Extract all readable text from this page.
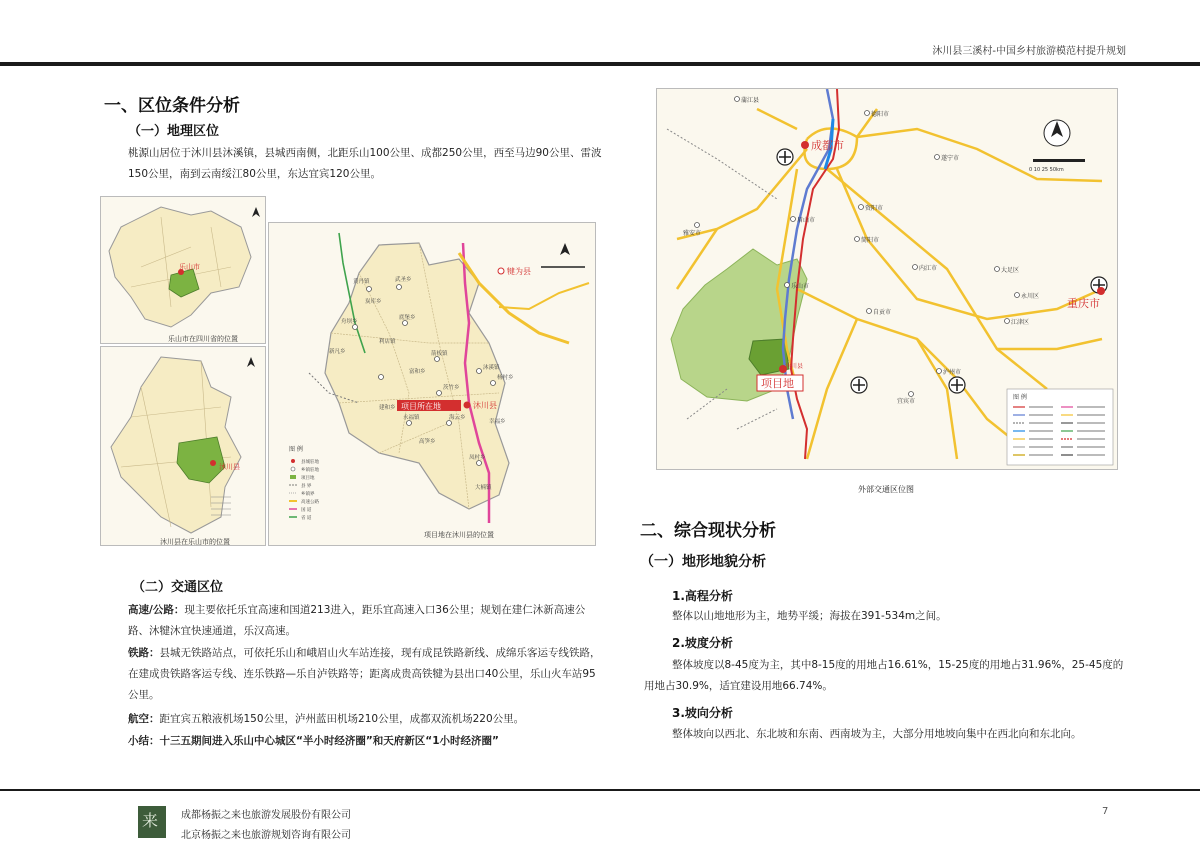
沐川县三溪村-中国乡村旅游模范村提升规划
一、区位条件分析
（一）地理区位

桃源山居位于沐川县沐溪镇，县城西南侧，北距乐山100公里、成都250公里，西至马边90公里、雷波150公里，南到云南绥江80公里，东达宜宾120公里。

乐山市
乐山市在四川省的位置
沐川县
沐川县在乐山市的位置
黄丹镇	武圣乡
舟坝乡
底堡乡
利店镇
箭板镇
沐溪镇
海云乡
永福镇
凤村乡
茨竹乡
杨村乡
新凡乡
富和乡
炭库乡
高笋乡
建和乡
幸福乡
大楠镇
项目所在地	沐川县
犍为县
图 例
县城驻地
乡镇驻地
项目地
县 界
乡镇界
高速公路
国 道
省 道
项目地在沐川县的位置
（二）交通区位

高速/公路：现主要依托乐宜高速和国道213进入，距乐宜高速入口36公里；规划在建仁沐新高速公路、沐犍沐宜快速通道，乐汉高速。

铁路：县城无铁路站点，可依托乐山和峨眉山火车站连接，现有成昆铁路新线、成绵乐客运专线铁路，在建成贵铁路客运专线、连乐铁路—乐自泸铁路等；距离成贵高铁犍为县出口40公里，乐山火车站95公里。

航空：距宜宾五粮液机场150公里，泸州蓝田机场210公里，成都双流机场220公里。

小结：十三五期间进入乐山中心城区“半小时经济圈”和天府新区“1小时经济圈”

成都市
重庆市
沐川县
项目地
眉山市
乐山市
自贡市
内江市
宜宾市
泸州市
资阳市
雅安市
遂宁市
大足区
永川区
江津区
德阳市
简阳市
蒲江县
0 10 25 50km
图 例
外部交通区位图
二、综合现状分析
（一）地形地貌分析
1.高程分析

整体以山地地形为主，地势平缓；海拔在391-534m之间。

2.坡度分析

整体坡度以8-45度为主，其中8-15度的用地占16.61%，15-25度的用地占31.96%，25-45度的用地占30.9%，适宜建设用地66.74%。

3.坡向分析

整体坡向以西北、东北坡和东南、西南坡为主，大部分用地坡向集中在西北向和东北向。

来 成都杨振之来也旅游发展股份有限公司
北京杨振之来也旅游规划咨询有限公司
7
